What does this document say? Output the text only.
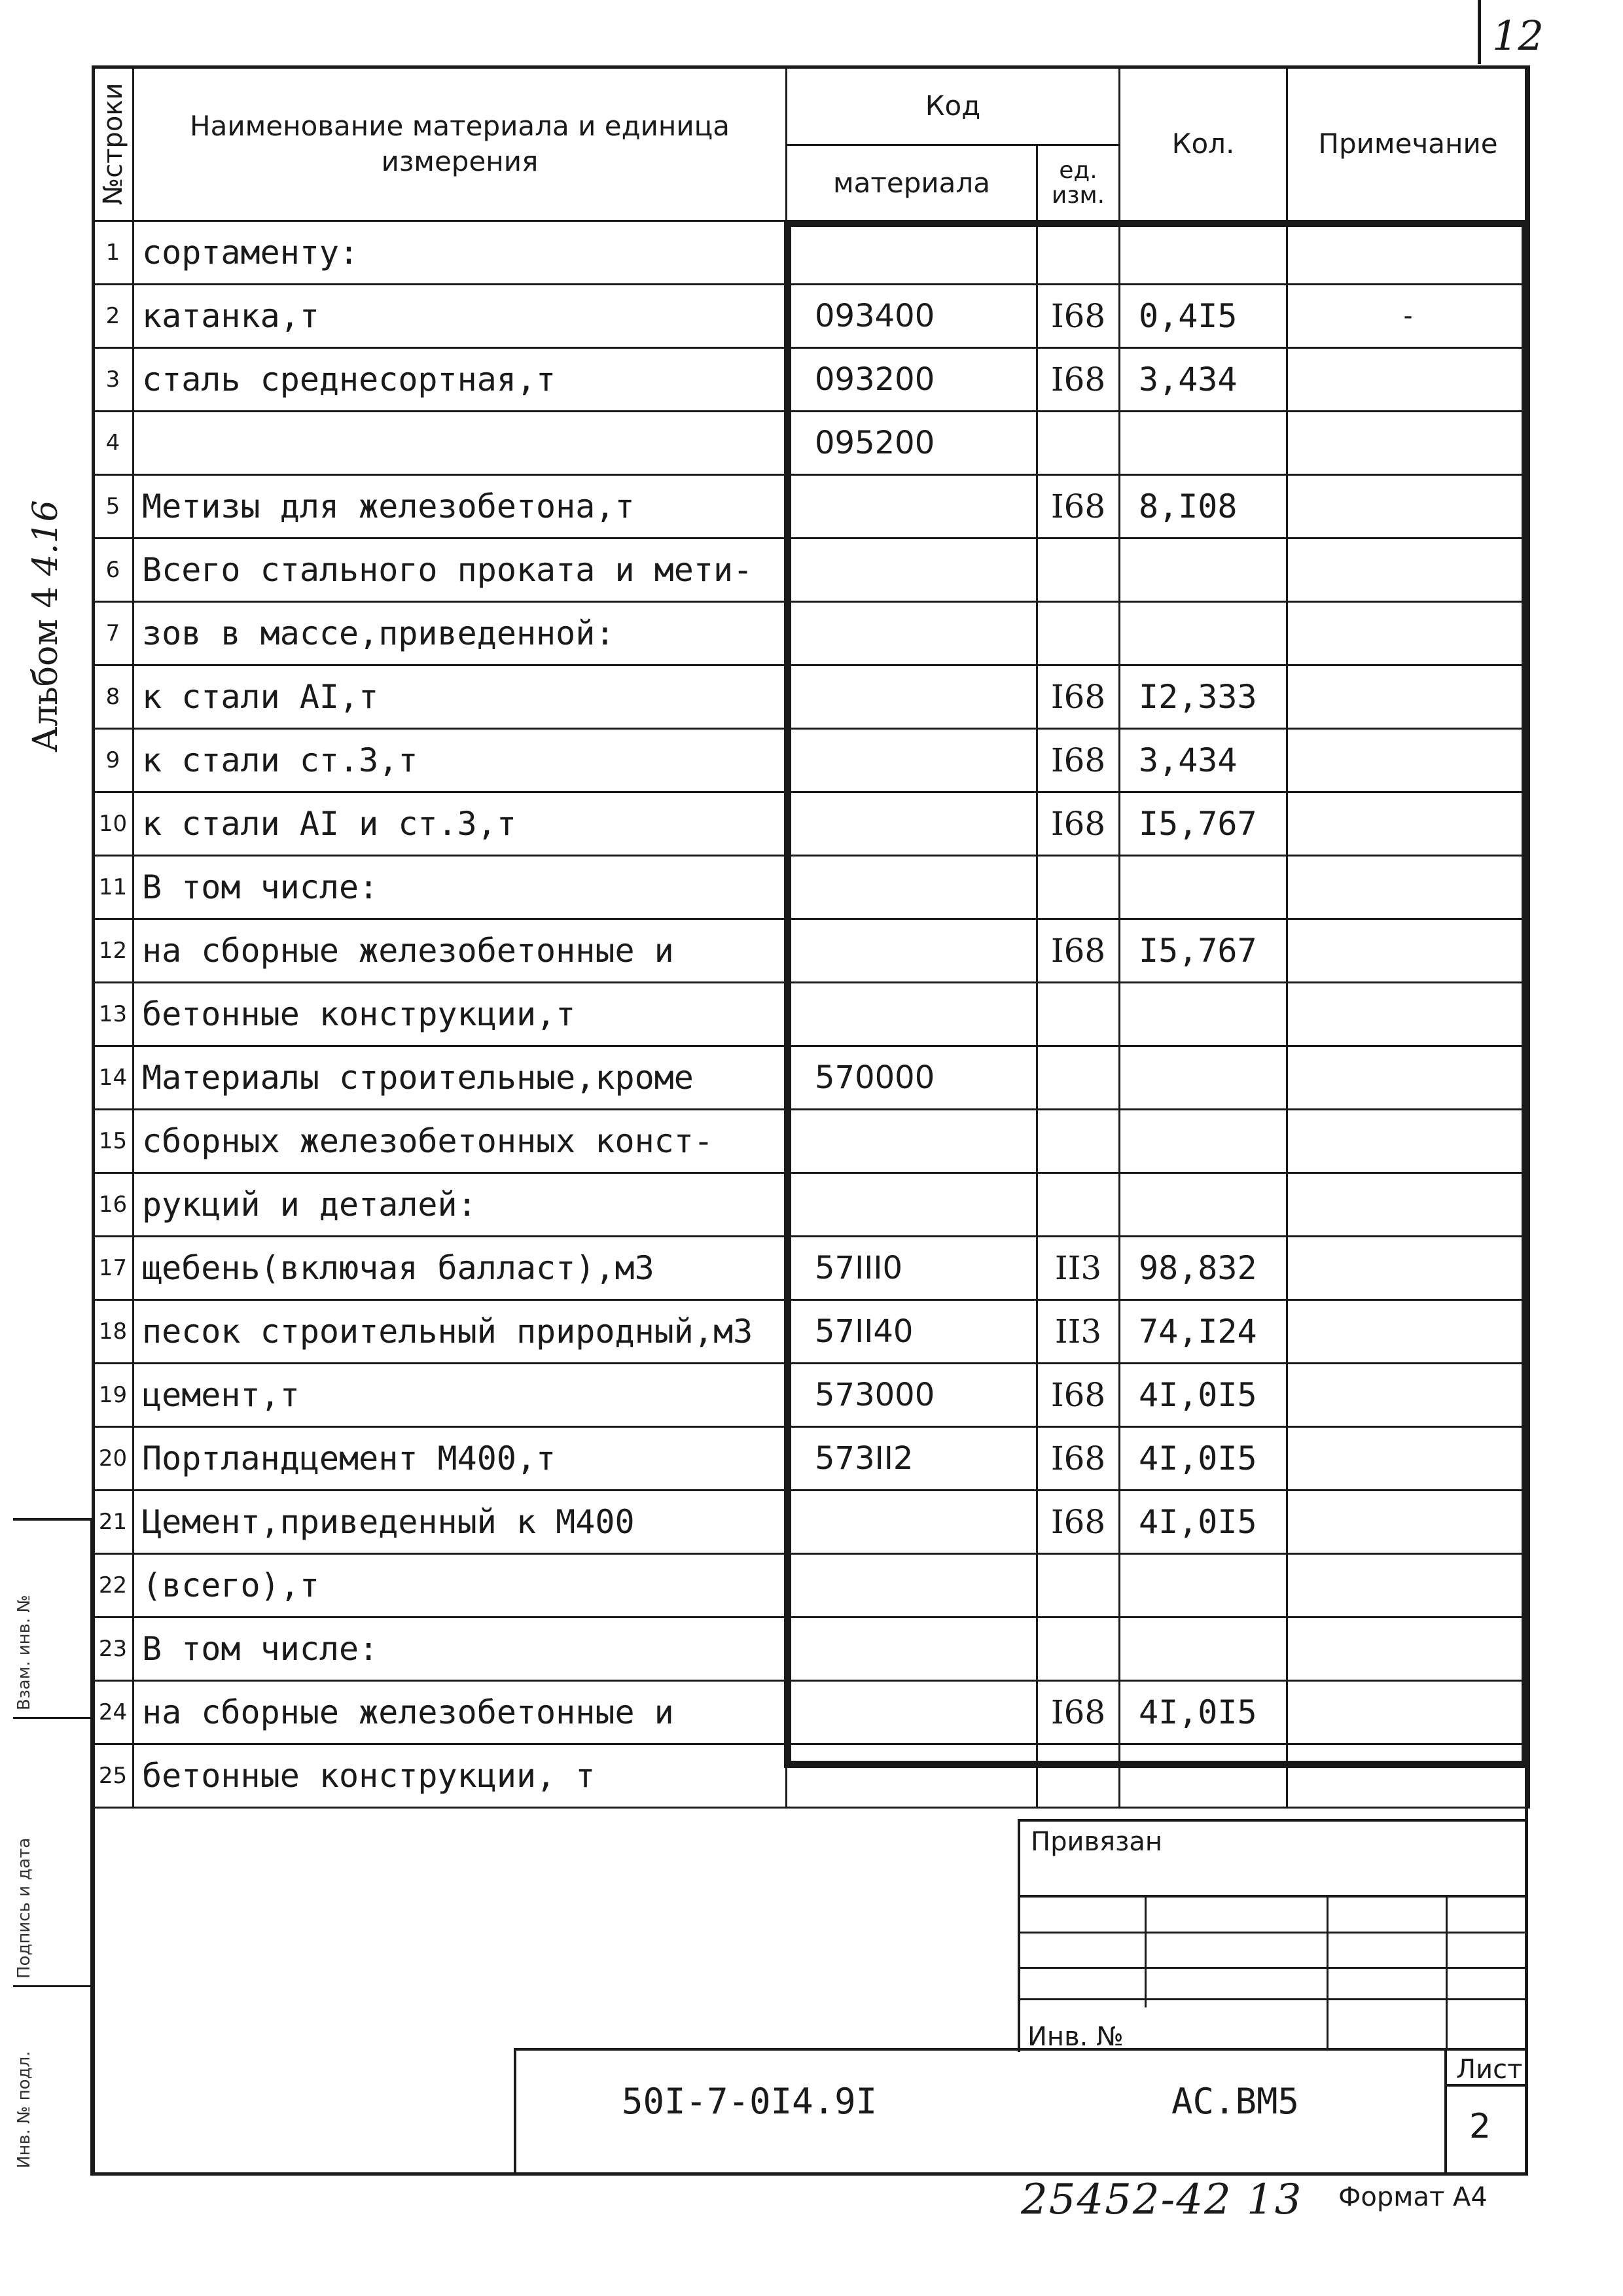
12
№строки	Наименование материала и единица измерения	Код		Кол.	Примечание
		материала	ед. изм.		
1	сортаменту:				
2	катанка,т	093400	I68	0,4I5	-
3	сталь среднесортная,т	093200	I68	3,434	
4		095200			
5	Метизы для железобетона,т		I68	8,I08	
6	Всего стального проката и мети-				
7	зов в массе,приведенной:				
8	к стали АI,т		I68	I2,333	
9	к стали ст.3,т		I68	3,434	
10	к стали АI и ст.3,т		I68	I5,767	
11	В том числе:				
12	на сборные железобетонные и		I68	I5,767	
13	бетонные конструкции,т				
14	Материалы строительные,кроме	570000			
15	сборных железобетонных конст-				
16	рукций и деталей:				
17	щебень(включая балласт),м3	57III0	II3	98,832	
18	песок строительный природный,м3	57II40	II3	74,I24	
19	цемент,т	573000	I68	4I,0I5	
20	Портландцемент М400,т	573II2	I68	4I,0I5	
21	Цемент,приведенный к М400		I68	4I,0I5	
22	(всего),т				
23	В том числе:				
24	на сборные железобетонные и		I68	4I,0I5	
25	бетонные конструкции, т				
Альбом 4 4.16
Взам. инв. №
Подпись и дата
Инв. № подл.
Привязан
Инв. №
50I-7-0I4.9I	АС.ВМ5
Лист
2
25452-42 13 Формат А4
